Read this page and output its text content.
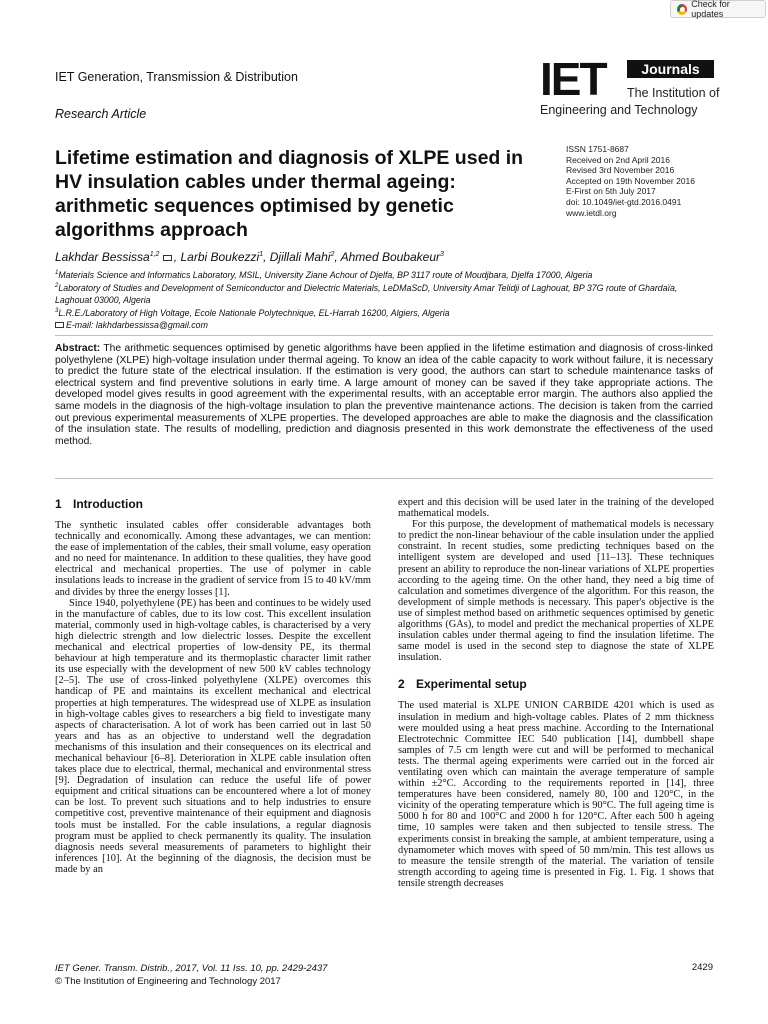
Check for updates
IET Generation, Transmission & Distribution
Research Article
IET	Journals
The Institution of
Engineering and Technology
Lifetime estimation and diagnosis of XLPE used in HV insulation cables under thermal ageing: arithmetic sequences optimised by genetic algorithms approach
ISSN 1751-8687
Received on 2nd April 2016
Revised 3rd November 2016
Accepted on 19th November 2016
E-First on 5th July 2017
doi: 10.1049/iet-gtd.2016.0491
www.ietdl.org
Lakhdar Bessissa$^{1,2}$ , Larbi Boukezzi$^1$, Djillali Mahi$^2$, Ahmed Boubakeur$^3$

$^1$Materials Science and Informatics Laboratory, MSIL, University Ziane Achour of Djelfa, BP 3117 route of Moudjbara, Djelfa 17000, Algeria

$^2$Laboratory of Studies and Development of Semiconductor and Dielectric Materials, LeDMaScD, University Amar Telidji of Laghouat, BP 37G route of Ghardaïa, Laghouat 03000, Algeria

$^3$L.R.E./Laboratory of High Voltage, Ecole Nationale Polytechnique, EL-Harrah 16200, Algiers, Algeria

E-mail: lakhdarbessissa@gmail.com

Abstract: The arithmetic sequences optimised by genetic algorithms have been applied in the lifetime estimation and diagnosis of cross-linked polyethylene (XLPE) high-voltage insulation under thermal ageing. To know an idea of the cable capacity to work without failure, it is necessary to predict the future state of the electrical insulation. If the estimation is very good, the authors can start to schedule maintenance tasks of electrical system and find preventive solutions in early time. A large amount of money can be saved if they take appropriate actions. The developed model gives results in good agreement with the experimental results, with an acceptable error margin. The authors also applied the same models in the diagnosis of the high-voltage insulation to plan the preventive maintenance actions. The decision is taken from the carried out previous experimental measurements of XLPE properties. The developed approaches are able to make the diagnosis and the classification of the insulation state. The results of modelling, prediction and diagnosis presented in this work demonstrate the effectiveness of the used method.

1 Introduction

The synthetic insulated cables offer considerable advantages both technically and economically. Among these advantages, we can mention: the ease of implementation of the cables, their small volume, easy operation and no need for maintenance. In addition to these qualities, they have good electrical and mechanical properties. The use of polymer in cable insulations leads to increase in the gradient of service from 15 to 40 kV/mm and divides by three the energy losses [1].

Since 1940, polyethylene (PE) has been and continues to be widely used in the manufacture of cables, due to its low cost. This excellent insulation material, commonly used in high-voltage cables, is characterised by a very high dielectric strength and low dielectric losses. Despite the excellent mechanical and electrical properties of low-density PE, its thermal behaviour at high temperature and its thermoplastic character limit rather its use especially with the development of new 500 kV cables technology [2–5]. The use of cross-linked polyethylene (XLPE) overcomes this handicap of PE and maintains its excellent mechanical and electrical properties at high temperatures. The widespread use of XLPE as insulation in high-voltage cables gives to researchers a big field to investigate many aspects of characterisation. A lot of work has been carried out in last 50 years and has as an objective to understand well the degradation mechanisms of this insulation and their consequences on its electrical and mechanical behaviour [6–8]. Deterioration in XLPE cable insulation often takes place due to electrical, thermal, mechanical and environmental stress [9]. Degradation of insulation can reduce the useful life of power equipment and critical situations can be encountered where a lot of money can be lost. To prevent such situations and to help industries to ensure competitive cost, preventive maintenance of their equipment and diagnosis tools must be installed. For the cable insulations, a regular diagnosis program must be applied to check permanently its quality. The insulation diagnosis needs several measurements of parameters to highlight their inferences [10]. At the beginning of the diagnosis, the decision must be made by an

expert and this decision will be used later in the training of the developed mathematical models.

For this purpose, the development of mathematical models is necessary to predict the non-linear behaviour of the cable insulation under the applied constraint. In recent studies, some predicting techniques based on the intelligent system are developed and used [11–13]. These techniques present an ability to reproduce the non-linear variations of XLPE properties according to the ageing time. On the other hand, they need a big time of calculation and sometimes divergence of the algorithm. For this reason, the development of simple methods is necessary. This paper's objective is the use of simplest method based on arithmetic sequences optimised by genetic algorithms (GAs), to model and predict the mechanical properties of XLPE insulation cables under thermal ageing to find the insulation lifetime. The same model is used in the second step to diagnose the state of XLPE insulation.

2 Experimental setup

The used material is XLPE UNION CARBIDE 4201 which is used as insulation in medium and high-voltage cables. Plates of 2 mm thickness were moulded using a heat press machine. According to the International Electrotechnic Committee IEC 540 publication [14], dumbbell shape samples of 7.5 cm length were cut and will be performed to mechanical tests. The thermal ageing experiments were carried out in the forced air ventilating oven which can maintain the average temperature of sample within ±2°C. According to the requirements reported in [14], three temperatures have been considered, namely 80, 100 and 120°C, in the vicinity of the operating temperature which is 90°C. The full ageing time is 5000 h for 80 and 100°C and 2000 h for 120°C. After each 500 h ageing time, 10 samples were taken and then subjected to tensile stress. The experiments consist in breaking the sample, at ambient temperature, using a dynamometer which moves with speed of 50 mm/min. This test allows us to measure the tensile strength of the material. The variation of tensile strength according to ageing time is presented in Fig. 1. Fig. 1 shows that tensile strength decreases

IET Gener. Transm. Distrib., 2017, Vol. 11 Iss. 10, pp. 2429-2437
© The Institution of Engineering and Technology 2017
2429
